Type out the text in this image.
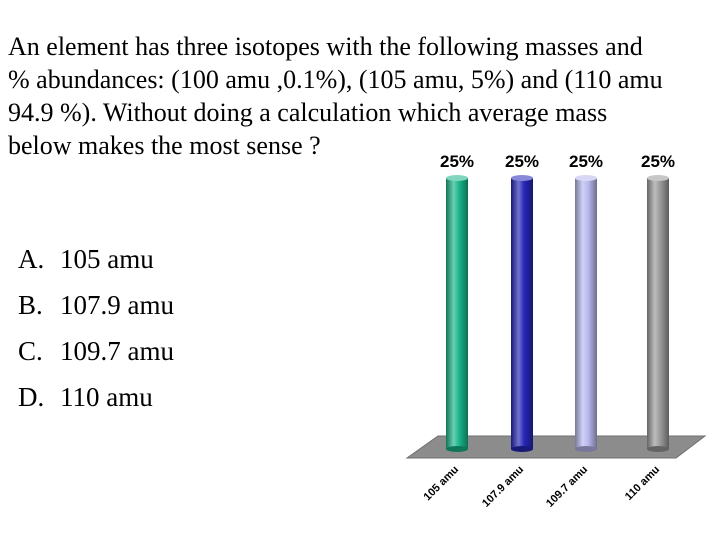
An element has three isotopes with the following masses and
% abundances: (100 amu ,0.1%), (105 amu, 5%) and (110 amu
94.9 %). Without doing a calculation which average mass
below makes the most sense ?
A. 105 amu
B. 107.9 amu
C. 109.7 amu
D. 110 amu
25%
105 amu
25%
107.9 amu
25%
109.7 amu
25%
110 amu
